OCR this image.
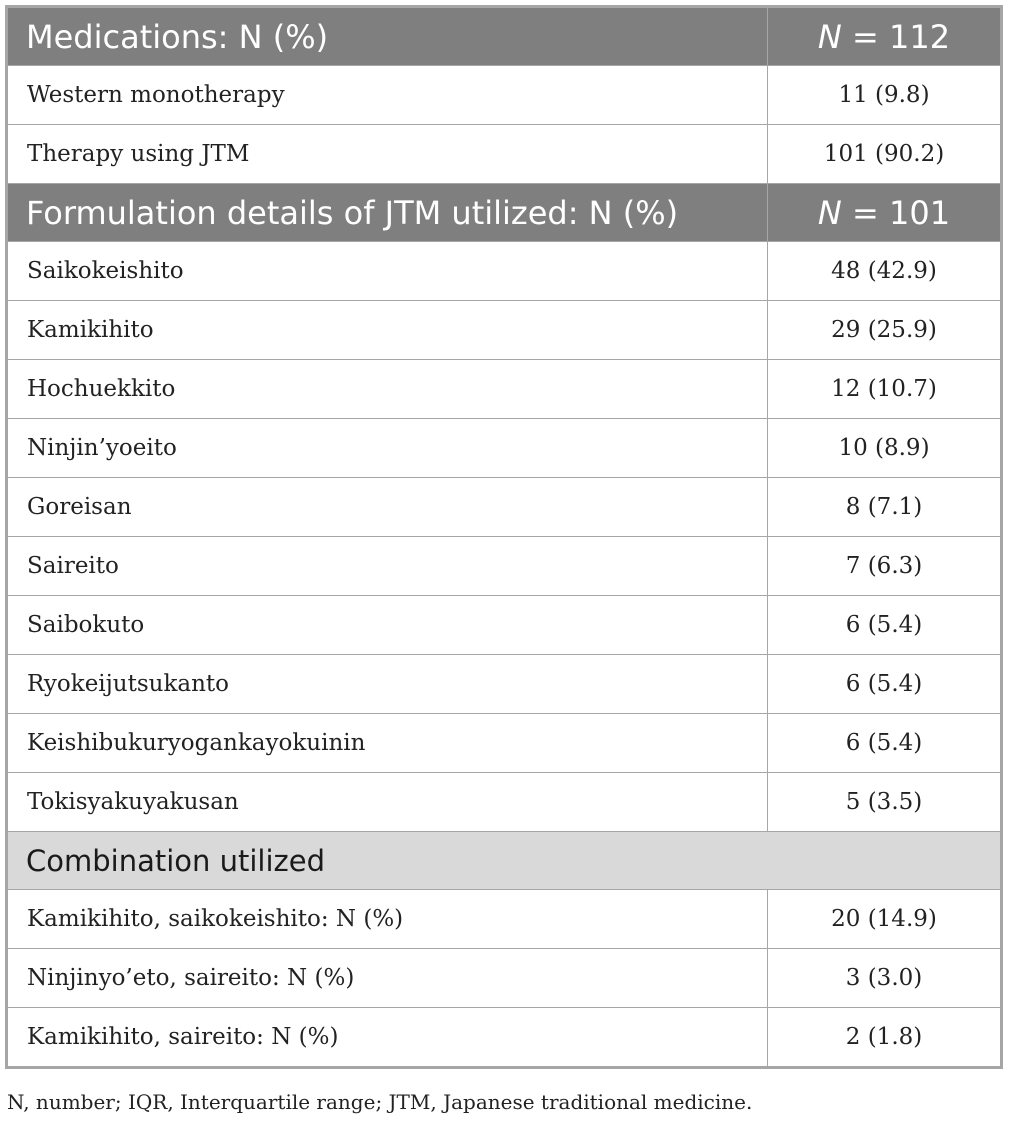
Medications: N (%)	N = 112
Western monotherapy	11 (9.8)
Therapy using JTM	101 (90.2)
Formulation details of JTM utilized: N (%)	N = 101
Saikokeishito	48 (42.9)
Kamikihito	29 (25.9)
Hochuekkito	12 (10.7)
Ninjin’yoeito	10 (8.9)
Goreisan	8 (7.1)
Saireito	7 (6.3)
Saibokuto	6 (5.4)
Ryokeijutsukanto	6 (5.4)
Keishibukuryogankayokuinin	6 (5.4)
Tokisyakuyakusan	5 (3.5)
Combination utilized	
Kamikihito, saikokeishito: N (%)	20 (14.9)
Ninjinyo’eto, saireito: N (%)	3 (3.0)
Kamikihito, saireito: N (%)	2 (1.8)
N, number; IQR, Interquartile range; JTM, Japanese traditional medicine.
